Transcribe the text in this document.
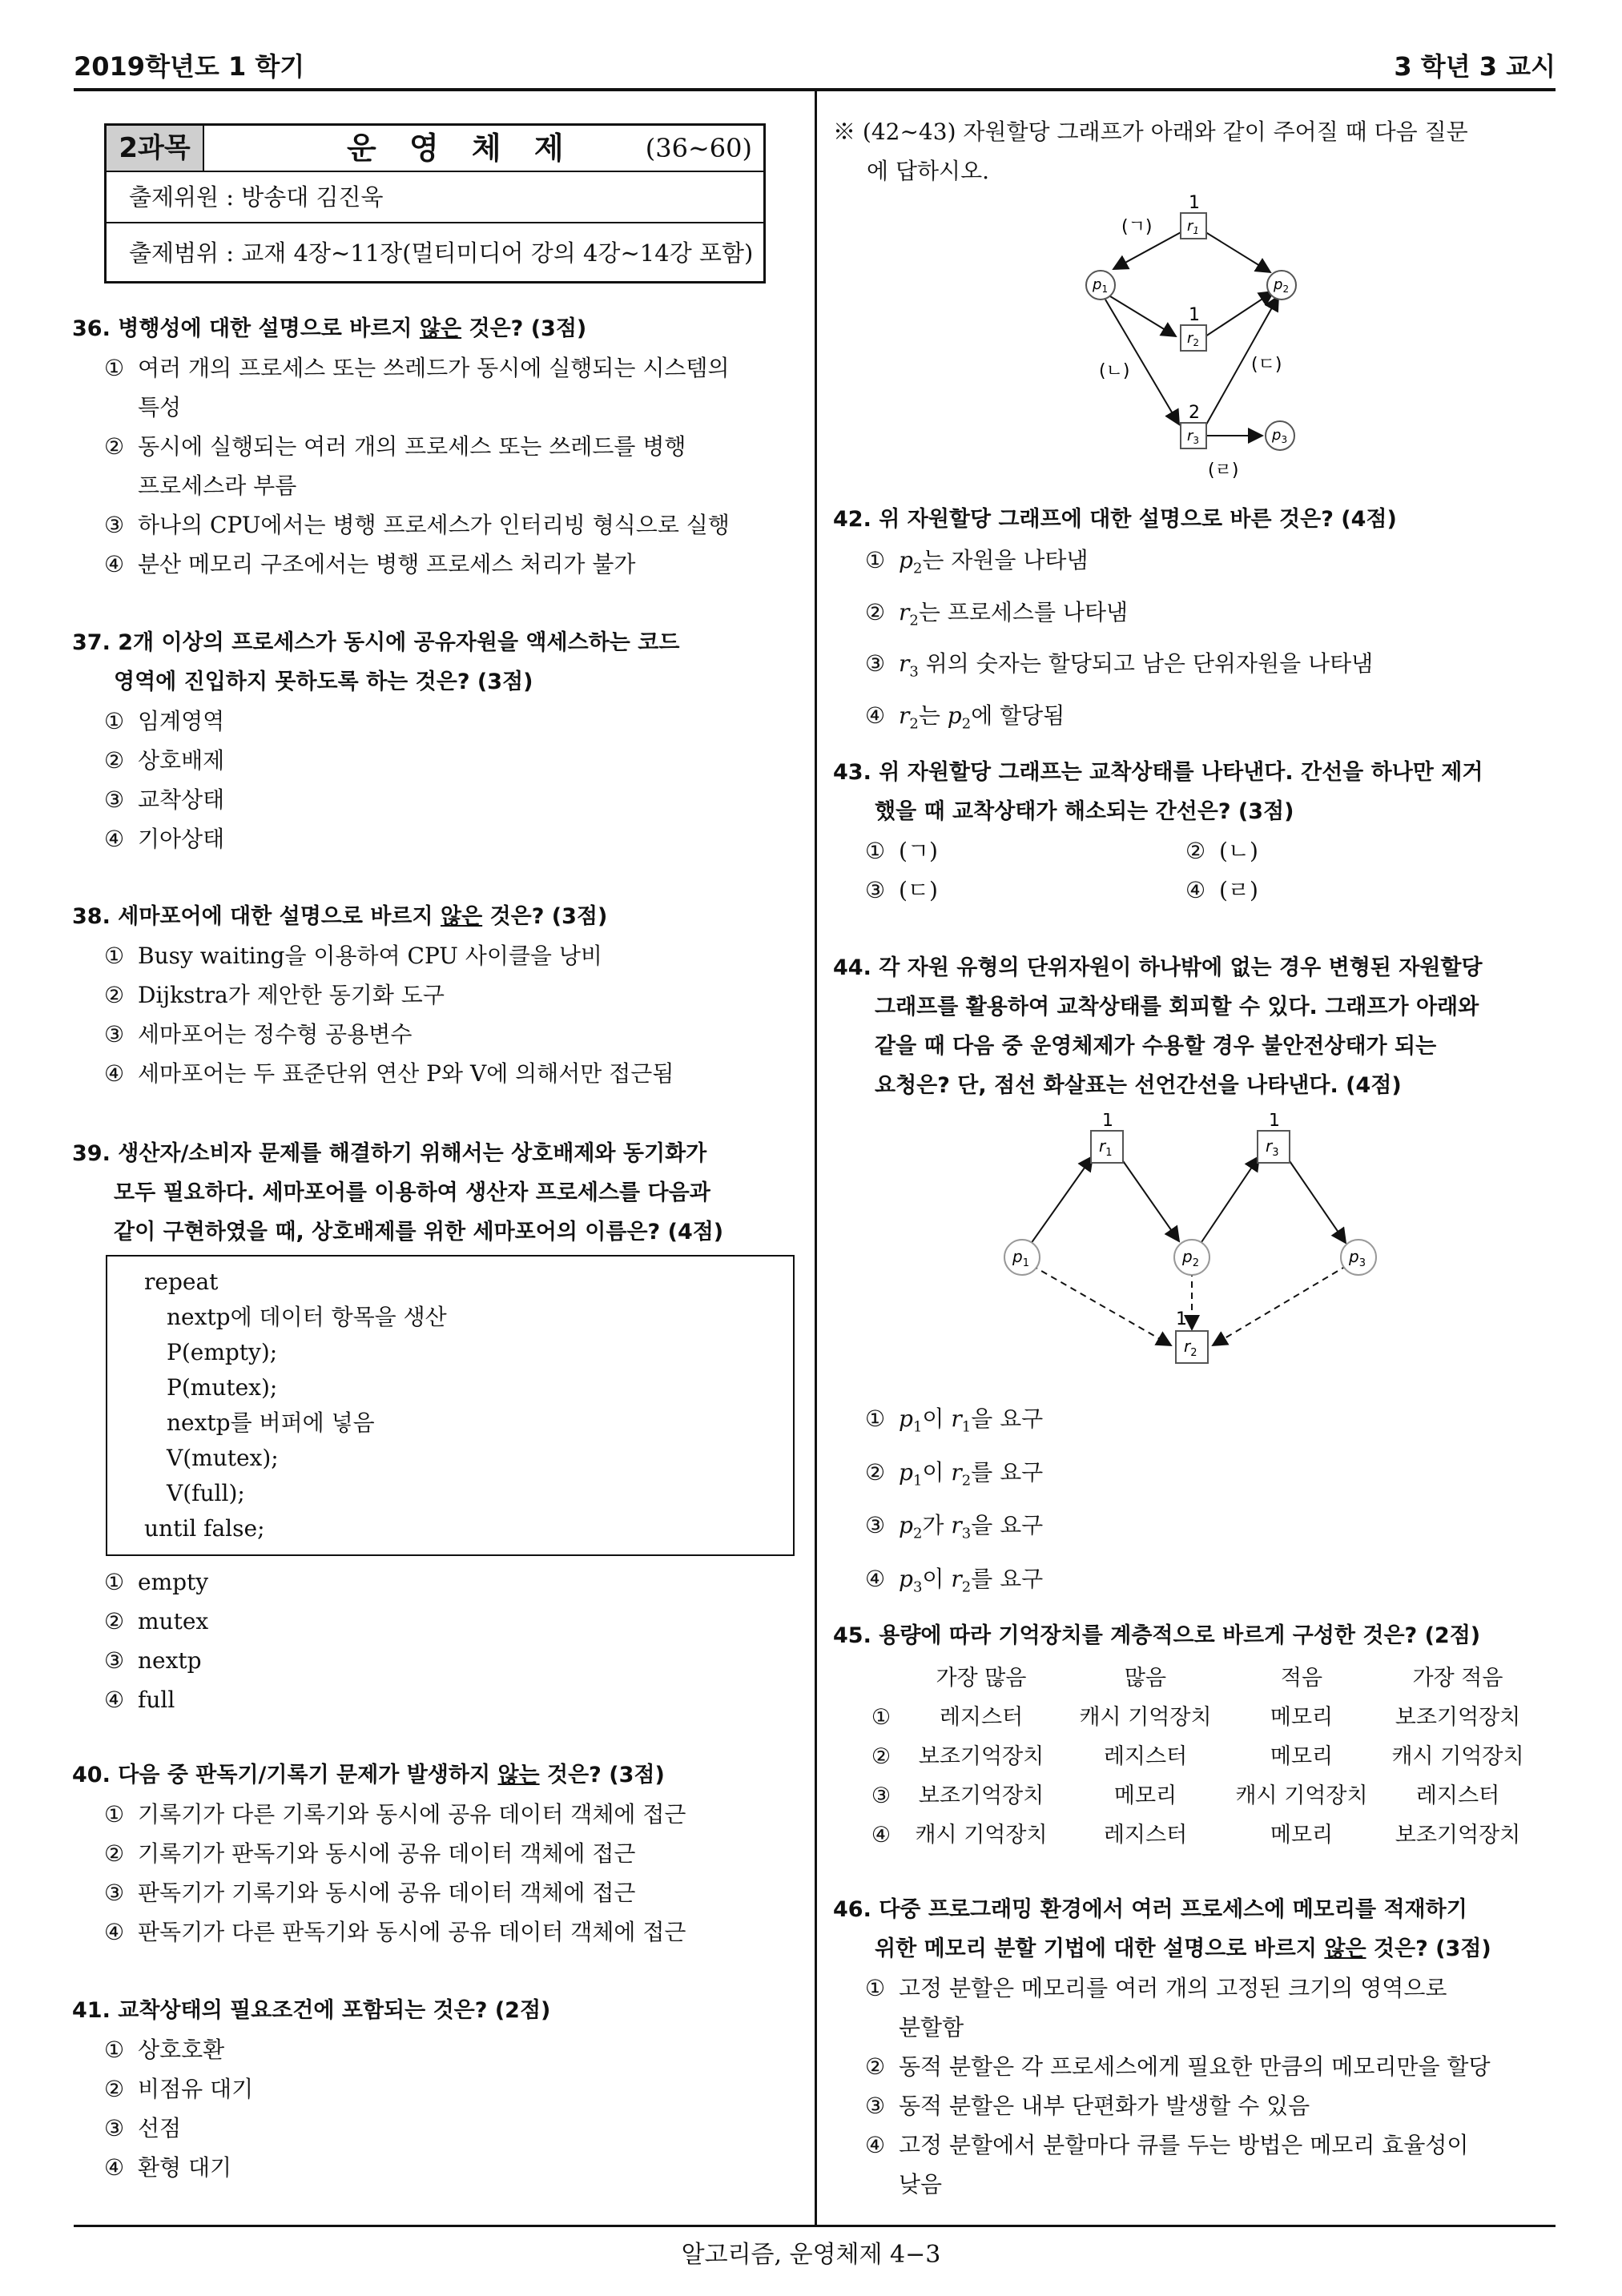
2019학년도 1 학기	3 학년 3 교시
알고리즘, 운영체제 4−3
2과목	운 영 체 제	(36∼60)
출제위원 : 방송대 김진욱
출제범위 : 교재 4장∼11장(멀티미디어 강의 4강∼14강 포함)
36. 병행성에 대한 설명으로 바르지 않은 것은? (3점)
① 여러 개의 프로세스 또는 쓰레드가 동시에 실행되는 시스템의
특성
② 동시에 실행되는 여러 개의 프로세스 또는 쓰레드를 병행
프로세스라 부름
③ 하나의 CPU에서는 병행 프로세스가 인터리빙 형식으로 실행
④ 분산 메모리 구조에서는 병행 프로세스 처리가 불가
37. 2개 이상의 프로세스가 동시에 공유자원을 액세스하는 코드
영역에 진입하지 못하도록 하는 것은? (3점)
① 임계영역
② 상호배제
③ 교착상태
④ 기아상태
38. 세마포어에 대한 설명으로 바르지 않은 것은? (3점)
① Busy waiting을 이용하여 CPU 사이클을 낭비
② Dijkstra가 제안한 동기화 도구
③ 세마포어는 정수형 공용변수
④ 세마포어는 두 표준단위 연산 P와 V에 의해서만 접근됨
39. 생산자/소비자 문제를 해결하기 위해서는 상호배제와 동기화가
모두 필요하다. 세마포어를 이용하여 생산자 프로세스를 다음과
같이 구현하였을 때, 상호배제를 위한 세마포어의 이름은? (4점)
repeat
nextp에 데이터 항목을 생산
P(empty);
P(mutex);
nextp를 버퍼에 넣음
V(mutex);
V(full);
until false;
① empty
② mutex
③ nextp
④ full
40. 다음 중 판독기/기록기 문제가 발생하지 않는 것은? (3점)
① 기록기가 다른 기록기와 동시에 공유 데이터 객체에 접근
② 기록기가 판독기와 동시에 공유 데이터 객체에 접근
③ 판독기가 기록기와 동시에 공유 데이터 객체에 접근
④ 판독기가 다른 판독기와 동시에 공유 데이터 객체에 접근
41. 교착상태의 필요조건에 포함되는 것은? (2점)
① 상호호환
② 비점유 대기
③ 선점
④ 환형 대기
※ (42∼43) 자원할당 그래프가 아래와 같이 주어질 때 다음 질문
에 답하시오.
$r_1$
$r_2$
$r_3$
$p_1$	$p_2$
$p_3$
1
1
2
(ㄱ)
(ㄴ)	(ㄷ)
(ㄹ)
42. 위 자원할당 그래프에 대한 설명으로 바른 것은? (4점)
① $p_2$는 자원을 나타냄
② $r_2$는 프로세스를 나타냄
③ $r_3$ 위의 숫자는 할당되고 남은 단위자원을 나타냄
④ $r_2$는 $p_2$에 할당됨
43. 위 자원할당 그래프는 교착상태를 나타낸다. 간선을 하나만 제거
했을 때 교착상태가 해소되는 간선은? (3점)
① (ㄱ)	② (ㄴ)
③ (ㄷ)	④ (ㄹ)
44. 각 자원 유형의 단위자원이 하나밖에 없는 경우 변형된 자원할당
그래프를 활용하여 교착상태를 회피할 수 있다. 그래프가 아래와
같을 때 다음 중 운영체제가 수용할 경우 불안전상태가 되는
요청은? 단, 점선 화살표는 선언간선을 나타낸다. (4점)
$r_1$	$r_3$
$r_2$
$p_1$	$p_2$	$p_3$
1	1
1
① $p_1$이 $r_1$을 요구
② $p_1$이 $r_2$를 요구
③ $p_2$가 $r_3$을 요구
④ $p_3$이 $r_2$를 요구
45. 용량에 따라 기억장치를 계층적으로 바르게 구성한 것은? (2점)
	가장 많음	많음	적음	가장 적음
①	레지스터	캐시 기억장치	메모리	보조기억장치
②	보조기억장치	레지스터	메모리	캐시 기억장치
③	보조기억장치	메모리	캐시 기억장치	레지스터
④	캐시 기억장치	레지스터	메모리	보조기억장치
46. 다중 프로그래밍 환경에서 여러 프로세스에 메모리를 적재하기
위한 메모리 분할 기법에 대한 설명으로 바르지 않은 것은? (3점)
① 고정 분할은 메모리를 여러 개의 고정된 크기의 영역으로
분할함
② 동적 분할은 각 프로세스에게 필요한 만큼의 메모리만을 할당
③ 동적 분할은 내부 단편화가 발생할 수 있음
④ 고정 분할에서 분할마다 큐를 두는 방법은 메모리 효율성이
낮음
